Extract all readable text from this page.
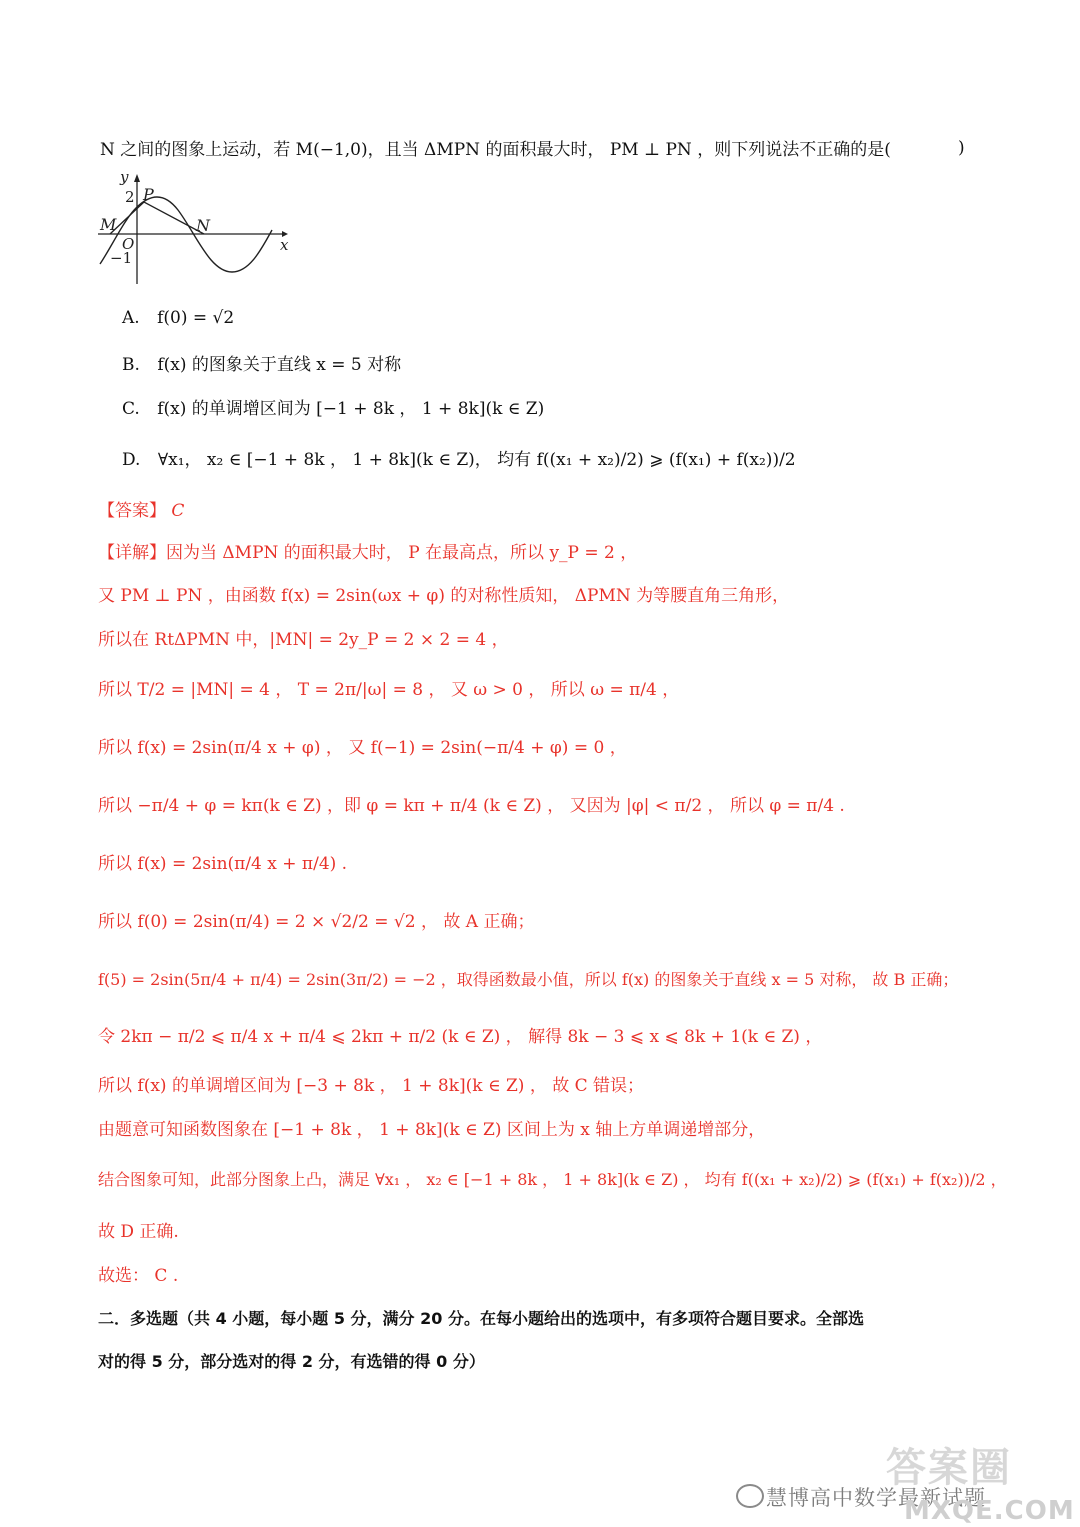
N 之间的图象上运动，若 M(−1,0)，且当 ΔMPN 的面积最大时， PM ⊥ PN ，则下列说法不正确的是(	)
y
2 P
M
O
−1
N
x
A. f(0) = √2
B. f(x) 的图象关于直线 x = 5 对称
C. f(x) 的单调增区间为 [−1 + 8k ， 1 + 8k](k ∈ Z)
D. ∀x₁， x₂ ∈ [−1 + 8k ， 1 + 8k](k ∈ Z)， 均有 f((x₁ + x₂)/2) ⩾ (f(x₁) + f(x₂))/2
【答案】 C
【详解】因为当 ΔMPN 的面积最大时， P 在最高点，所以 y_P = 2 ，
又 PM ⊥ PN ，由函数 f(x) = 2sin(ωx + φ) 的对称性质知， ΔPMN 为等腰直角三角形，
所以在 RtΔPMN 中，|MN| = 2y_P = 2 × 2 = 4 ，
所以 T/2 = |MN| = 4 ， T = 2π/|ω| = 8 ， 又 ω > 0 ， 所以 ω = π/4 ，
所以 f(x) = 2sin(π/4 x + φ) ， 又 f(−1) = 2sin(−π/4 + φ) = 0 ，
所以 −π/4 + φ = kπ(k ∈ Z) ，即 φ = kπ + π/4 (k ∈ Z) ， 又因为 |φ| < π/2 ， 所以 φ = π/4 .
所以 f(x) = 2sin(π/4 x + π/4) .
所以 f(0) = 2sin(π/4) = 2 × √2/2 = √2 ， 故 A 正确；
f(5) = 2sin(5π/4 + π/4) = 2sin(3π/2) = −2 ，取得函数最小值，所以 f(x) 的图象关于直线 x = 5 对称， 故 B 正确；
令 2kπ − π/2 ⩽ π/4 x + π/4 ⩽ 2kπ + π/2 (k ∈ Z) ， 解得 8k − 3 ⩽ x ⩽ 8k + 1(k ∈ Z) ，
所以 f(x) 的单调增区间为 [−3 + 8k ， 1 + 8k](k ∈ Z) ， 故 C 错误；
由题意可知函数图象在 [−1 + 8k ， 1 + 8k](k ∈ Z) 区间上为 x 轴上方单调递增部分，
结合图象可知，此部分图象上凸，满足 ∀x₁ ， x₂ ∈ [−1 + 8k ， 1 + 8k](k ∈ Z) ， 均有 f((x₁ + x₂)/2) ⩾ (f(x₁) + f(x₂))/2 ，
故 D 正确.
故选： C .
二．多选题（共 4 小题，每小题 5 分，满分 20 分。在每小题给出的选项中，有多项符合题目要求。全部选
对的得 5 分，部分选对的得 2 分，有选错的得 0 分）
答案圈
慧博高中数学最新试题
MXQE.COM
